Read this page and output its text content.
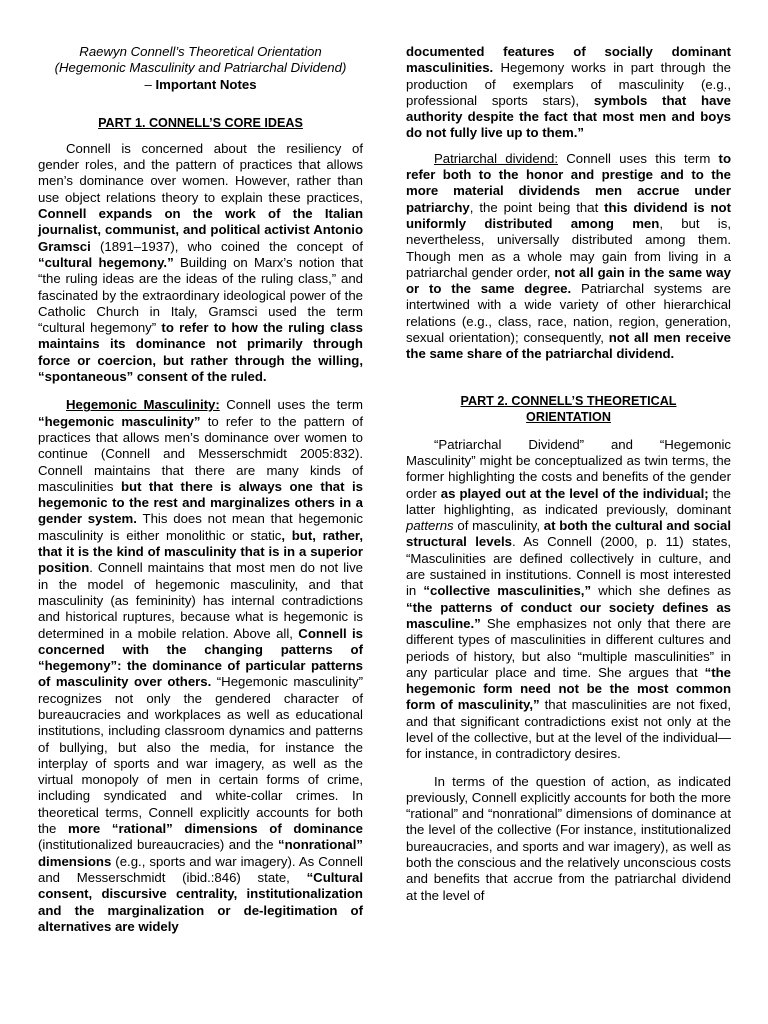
Raewyn Connell’s Theoretical Orientation
(Hegemonic Masculinity and Patriarchal Dividend)
– Important Notes
PART 1. CONNELL’S CORE IDEAS

Connell is concerned about the resiliency of gender roles, and the pattern of practices that allows men’s dominance over women. However, rather than use object relations theory to explain these practices, Connell expands on the work of the Italian journalist, communist, and political activist Antonio Gramsci (1891–1937), who coined the concept of “cultural hegemony.” Building on Marx’s notion that “the ruling ideas are the ideas of the ruling class,” and fascinated by the extraordinary ideological power of the Catholic Church in Italy, Gramsci used the term “cultural hegemony” to refer to how the ruling class maintains its dominance not primarily through force or coercion, but rather through the willing, “spontaneous” consent of the ruled.

Hegemonic Masculinity: Connell uses the term “hegemonic masculinity” to refer to the pattern of practices that allows men’s dominance over women to continue (Connell and Messerschmidt 2005:832). Connell maintains that there are many kinds of masculinities but that there is always one that is hegemonic to the rest and marginalizes others in a gender system. This does not mean that hegemonic masculinity is either monolithic or static, but, rather, that it is the kind of masculinity that is in a superior position. Connell maintains that most men do not live in the model of hegemonic masculinity, and that masculinity (as femininity) has internal contradictions and historical ruptures, because what is hegemonic is determined in a mobile relation. Above all, Connell is concerned with the changing patterns of “hegemony”: the dominance of particular patterns of masculinity over others. “Hegemonic masculinity” recognizes not only the gendered character of bureaucracies and workplaces as well as educational institutions, including classroom dynamics and patterns of bullying, but also the media, for instance the interplay of sports and war imagery, as well as the virtual monopoly of men in certain forms of crime, including syndicated and white-collar crimes. In theoretical terms, Connell explicitly accounts for both the more “rational” dimensions of dominance (institutionalized bureaucracies) and the “nonrational” dimensions (e.g., sports and war imagery). As Connell and Messerschmidt (ibid.:846) state, “Cultural consent, discursive centrality, institutionalization and the marginalization or de-legitimation of alternatives are widely

documented features of socially dominant masculinities. Hegemony works in part through the production of exemplars of masculinity (e.g., professional sports stars), symbols that have authority despite the fact that most men and boys do not fully live up to them.”

Patriarchal dividend: Connell uses this term to refer both to the honor and prestige and to the more material dividends men accrue under patriarchy, the point being that this dividend is not uniformly distributed among men, but is, nevertheless, universally distributed among them. Though men as a whole may gain from living in a patriarchal gender order, not all gain in the same way or to the same degree. Patriarchal systems are intertwined with a wide variety of other hierarchical relations (e.g., class, race, nation, region, generation, sexual orientation); consequently, not all men receive the same share of the patriarchal dividend.

PART 2. CONNELL’S THEORETICAL
ORIENTATION

“Patriarchal Dividend” and “Hegemonic Masculinity” might be conceptualized as twin terms, the former highlighting the costs and benefits of the gender order as played out at the level of the individual; the latter highlighting, as indicated previously, dominant patterns of masculinity, at both the cultural and social structural levels. As Connell (2000, p. 11) states, “Masculinities are defined collectively in culture, and are sustained in institutions. Connell is most interested in “collective masculinities,” which she defines as “the patterns of conduct our society defines as masculine.” She emphasizes not only that there are different types of masculinities in different cultures and periods of history, but also “multiple masculinities” in any particular place and time. She argues that “the hegemonic form need not be the most common form of masculinity,” that masculinities are not fixed, and that significant contradictions exist not only at the level of the collective, but at the level of the individual— for instance, in contradictory desires.

In terms of the question of action, as indicated previously, Connell explicitly accounts for both the more “rational” and “nonrational” dimensions of dominance at the level of the collective (For instance, institutionalized bureaucracies, and sports and war imagery), as well as both the conscious and the relatively unconscious costs and benefits that accrue from the patriarchal dividend at the level of
